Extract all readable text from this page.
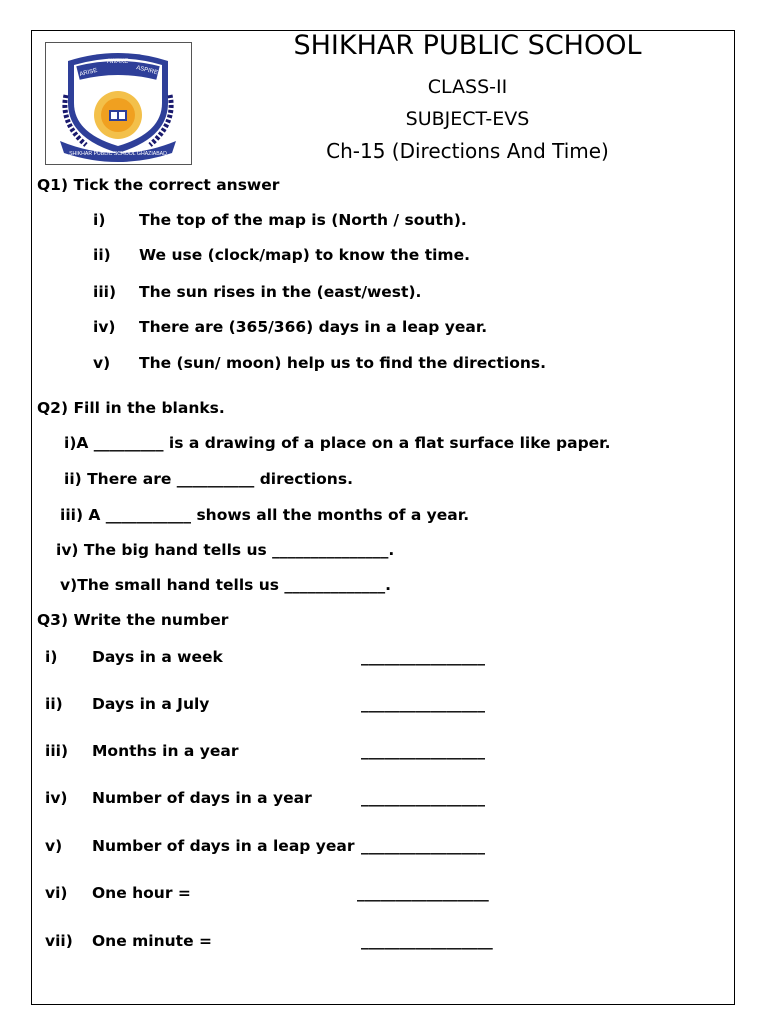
ARISE
AWAKE
ASPIRE
SHIKHAR PUBLIC SCHOOL GHAZIABAD
SHIKHAR PUBLIC SCHOOL
CLASS-II
SUBJECT-EVS
Ch-15 (Directions And Time)
Q1) Tick the correct answer
i) The top of the map is (North / south).
ii) We use (clock/map) to know the time.
iii) The sun rises in the (east/west).
iv) There are (365/366) days in a leap year.
v) The (sun/ moon) help us to find the directions.
Q2) Fill in the blanks.
i)A _________ is a drawing of a place on a flat surface like paper.
ii) There are __________ directions.
iii) A ___________ shows all the months of a year.
iv) The big hand tells us _______________.
v)The small hand tells us _____________.
Q3) Write the number
i) Days in a week	________________
ii) Days in a July	________________
iii) Months in a year	________________
iv) Number of days in a year	________________
v) Number of days in a leap year ________________
vi) One hour =	_________________
vii) One minute =	_________________
